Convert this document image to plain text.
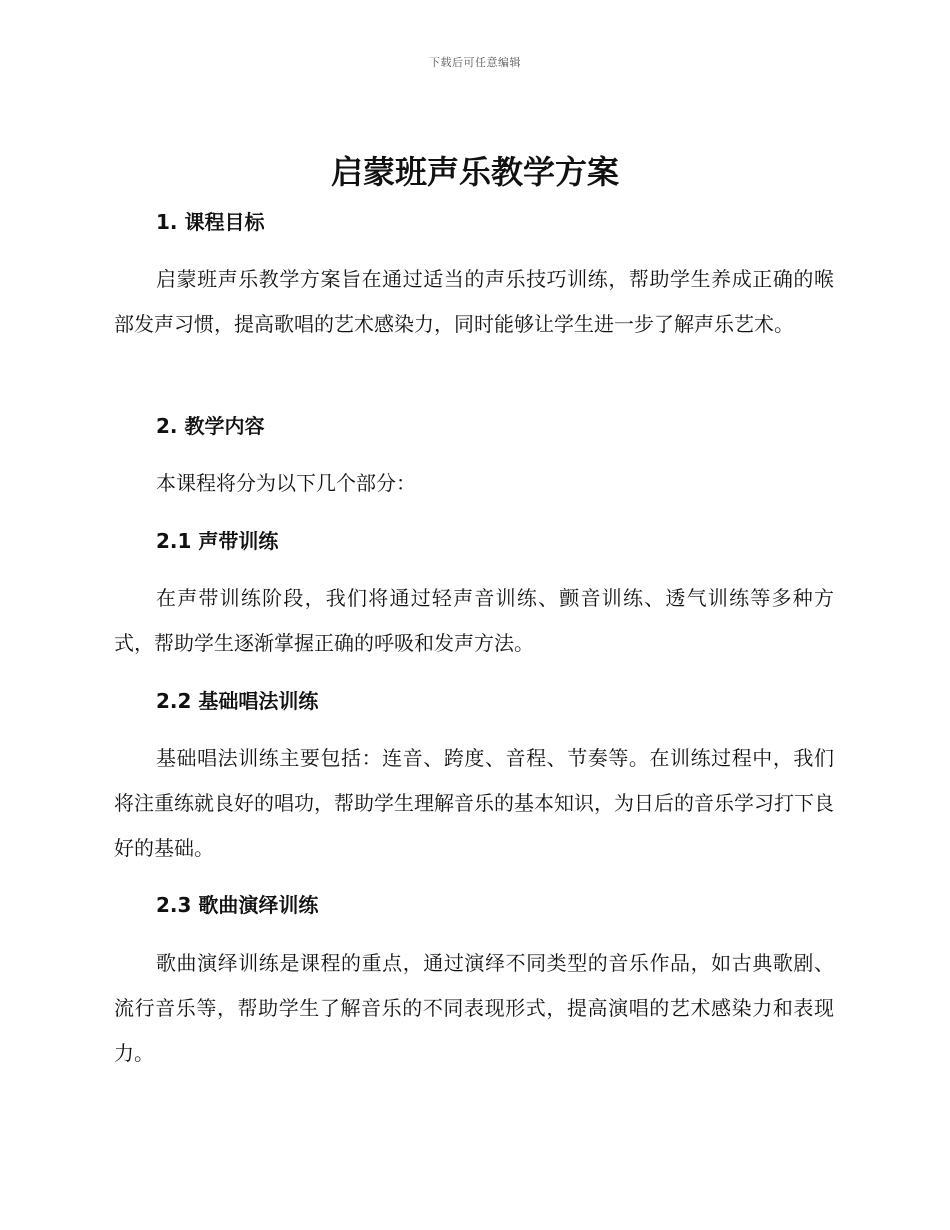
下载后可任意编辑
启蒙班声乐教学方案
1. 课程目标

启蒙班声乐教学方案旨在通过适当的声乐技巧训练，帮助学生养成正确的喉部发声习惯，提高歌唱的艺术感染力，同时能够让学生进一步了解声乐艺术。

2. 教学内容

本课程将分为以下几个部分：

2.1 声带训练

在声带训练阶段，我们将通过轻声音训练、颤音训练、透气训练等多种方式，帮助学生逐渐掌握正确的呼吸和发声方法。

2.2 基础唱法训练

基础唱法训练主要包括：连音、跨度、音程、节奏等。在训练过程中，我们将注重练就良好的唱功，帮助学生理解音乐的基本知识，为日后的音乐学习打下良好的基础。

2.3 歌曲演绎训练

歌曲演绎训练是课程的重点，通过演绎不同类型的音乐作品，如古典歌剧、流行音乐等，帮助学生了解音乐的不同表现形式，提高演唱的艺术感染力和表现力。
